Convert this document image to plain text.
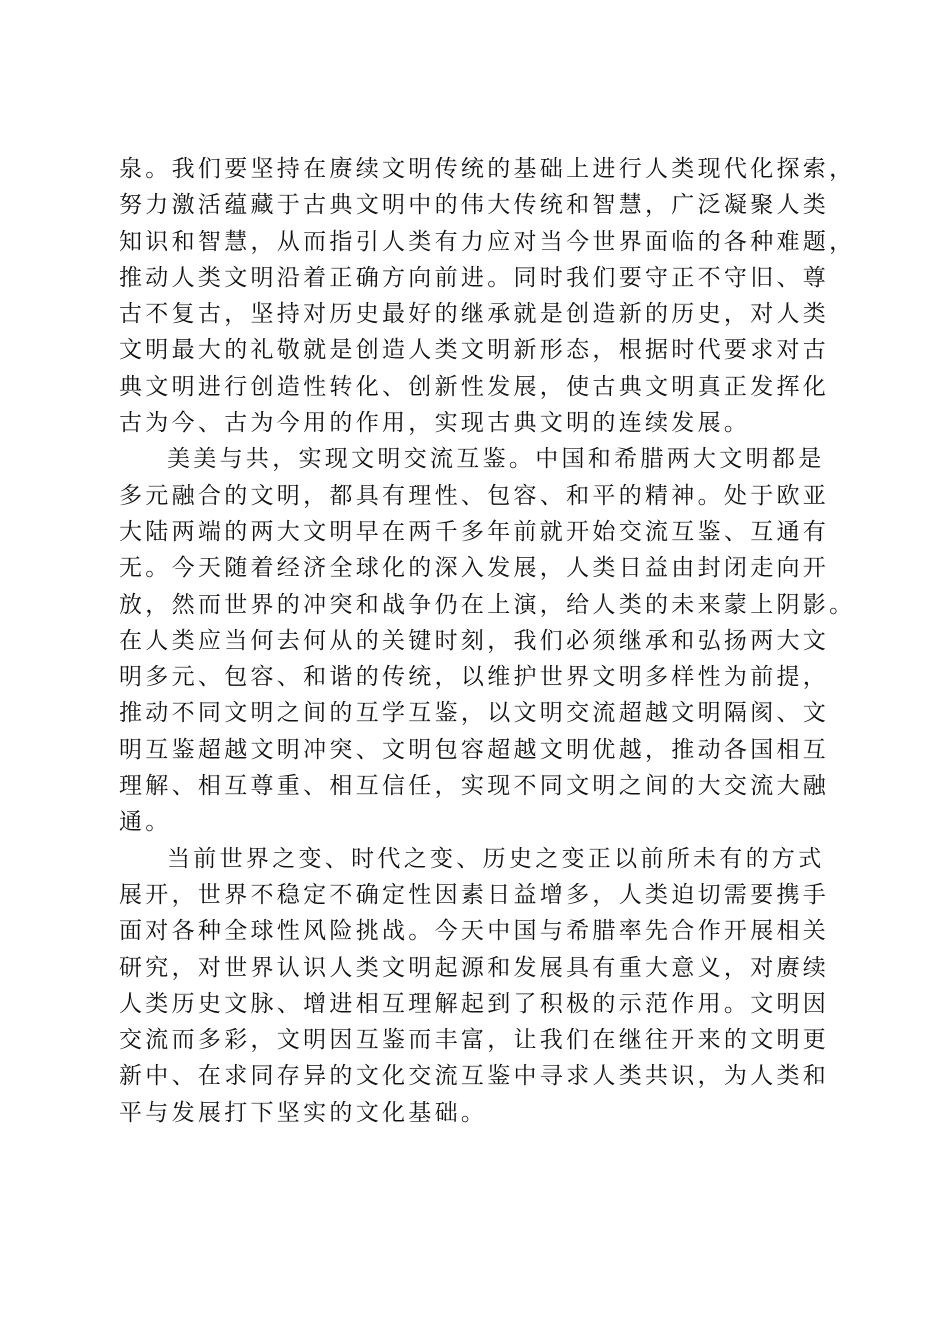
泉。我们要坚持在赓续文明传统的基础上进行人类现代化探索，
努力激活蕴藏于古典文明中的伟大传统和智慧，广泛凝聚人类
知识和智慧，从而指引人类有力应对当今世界面临的各种难题，
推动人类文明沿着正确方向前进。同时我们要守正不守旧、尊
古不复古，坚持对历史最好的继承就是创造新的历史，对人类
文明最大的礼敬就是创造人类文明新形态，根据时代要求对古
典文明进行创造性转化、创新性发展，使古典文明真正发挥化
古为今、古为今用的作用，实现古典文明的连续发展。
美美与共，实现文明交流互鉴。中国和希腊两大文明都是
多元融合的文明，都具有理性、包容、和平的精神。处于欧亚
大陆两端的两大文明早在两千多年前就开始交流互鉴、互通有
无。今天随着经济全球化的深入发展，人类日益由封闭走向开
放，然而世界的冲突和战争仍在上演，给人类的未来蒙上阴影。
在人类应当何去何从的关键时刻，我们必须继承和弘扬两大文
明多元、包容、和谐的传统，以维护世界文明多样性为前提，
推动不同文明之间的互学互鉴，以文明交流超越文明隔阂、文
明互鉴超越文明冲突、文明包容超越文明优越，推动各国相互
理解、相互尊重、相互信任，实现不同文明之间的大交流大融
通。
当前世界之变、时代之变、历史之变正以前所未有的方式
展开，世界不稳定不确定性因素日益增多，人类迫切需要携手
面对各种全球性风险挑战。今天中国与希腊率先合作开展相关
研究，对世界认识人类文明起源和发展具有重大意义，对赓续
人类历史文脉、增进相互理解起到了积极的示范作用。文明因
交流而多彩，文明因互鉴而丰富，让我们在继往开来的文明更
新中、在求同存异的文化交流互鉴中寻求人类共识，为人类和
平与发展打下坚实的文化基础。
